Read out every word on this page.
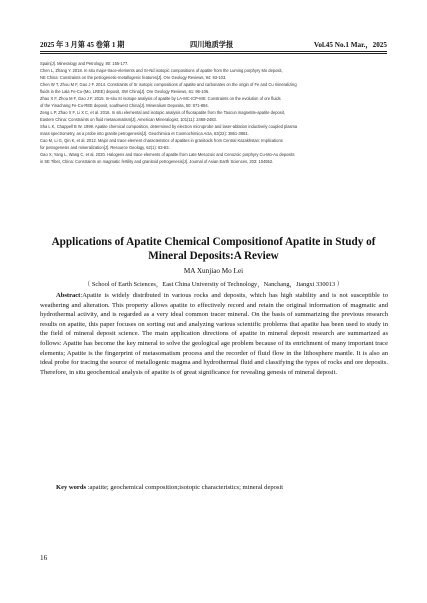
2025 年 3 月第 45 卷第 1 期	四川地质学报	Vol.45 No.1 Mar.，2025
Spain[J]. Mineralogy and Petrology, 80: 155-177.
Chen L, Zhang Y. 2018. In situ major-trace-elements and Sr-Nd isotopic compositions of apatite from the Luming porphyry Mo deposit,
NE China: Constraints on the petrogenetic-metallogenic features[J]. Ore Geology Reviews, 94: 93-103.
Chen W T, Zhou M F, Gao J F. 2014. Constraints of Sr isotopic compositions of apatite and carbonates on the origin of Fe and Cu mineralizing
fluids in the Lala Fe-Cu-(Mo, LREE) deposit, SW China[J]. Ore Geology Reviews, 61: 96-106.
Zhao X F, Zhou M F, Gao J F. 2015. In-situ Sr isotope analysis of apatite by LA-MC-ICP-MS: Constraints on the evolution of ore fluids
of the Yinachang Fe-Cu-REE deposit, southwest China[J]. Mineralium Deposita, 50: 871-884.
Zeng L P, Zhao X F, Li X C, et al. 2016. In situ elemental and isotopic analysis of fluorapatite from the Taocun magnetite-apatite deposit,
Eastern China: Constraints on fluid metasomatism[J]. American Mineralogist, 101(11): 2468-2483.
Sha L K, Chappell B W. 1999. Apatite chemical composition, determined by electron microprobe and laser-ablation inductively coupled plasma
mass spectrometry, as a probe into granite petrogenesis[J]. Geochimica et Cosmochimica Acta, 63(22): 3861-3881.
Cao M, Li G, Qin K, et al. 2012. Major and trace element characteristics of apatites in granitoids from Central Kazakhstan: Implications
for petrogenesis and mineralization[J]. Resource Geology, 62(1): 63-83.
Gao X, Yang L, Wang C, et al. 2020. Halogens and trace elements of apatite from Late Mesozoic and Cenozoic porphyry Cu-Mo-Au deposits
in SE Tibet, China: Constraints on magmatic fertility and granitoid petrogenesis[J]. Journal of Asian Earth Sciences, 203: 104552.
Applications of Apatite Chemical Compositionof Apatite in Study of Mineral Deposits:A Review
MA Xunjiao Mo Lei
（ School of Earth Sciences，East China University of Technology，Nanchang，Jiangxi 330013 ）

Abstract:Apatite is widely distributed in various rocks and deposits, which has high stability and is not susceptible to weathering and alteration. This property allows apatite to effectively record and retain the original information of magmatic and hydrothermal activity, and is regarded as a very ideal common tracer mineral. On the basis of summarizing the previous research results on apatite, this paper focuses on sorting out and analyzing various scientific problems that apatite has been used to study in the field of mineral deposit science. The main application directions of apatite in mineral deposit research are summarized as follows: Apatite has become the key mineral to solve the geological age problem because of its enrichment of many important trace elements; Apatite is the fingerprint of metasomatism process and the recorder of fluid flow in the lithosphere mantle. It is also an ideal probe for tracing the source of metallogenic magma and hydrothermal fluid and classifying the types of rocks and ore deposits. Therefore, in situ geochemical analysis of apatite is of great significance for revealing genesis of mineral deposit.

Key words :apatite; geochemical composition;isotopic characteristics; mineral deposit

16
